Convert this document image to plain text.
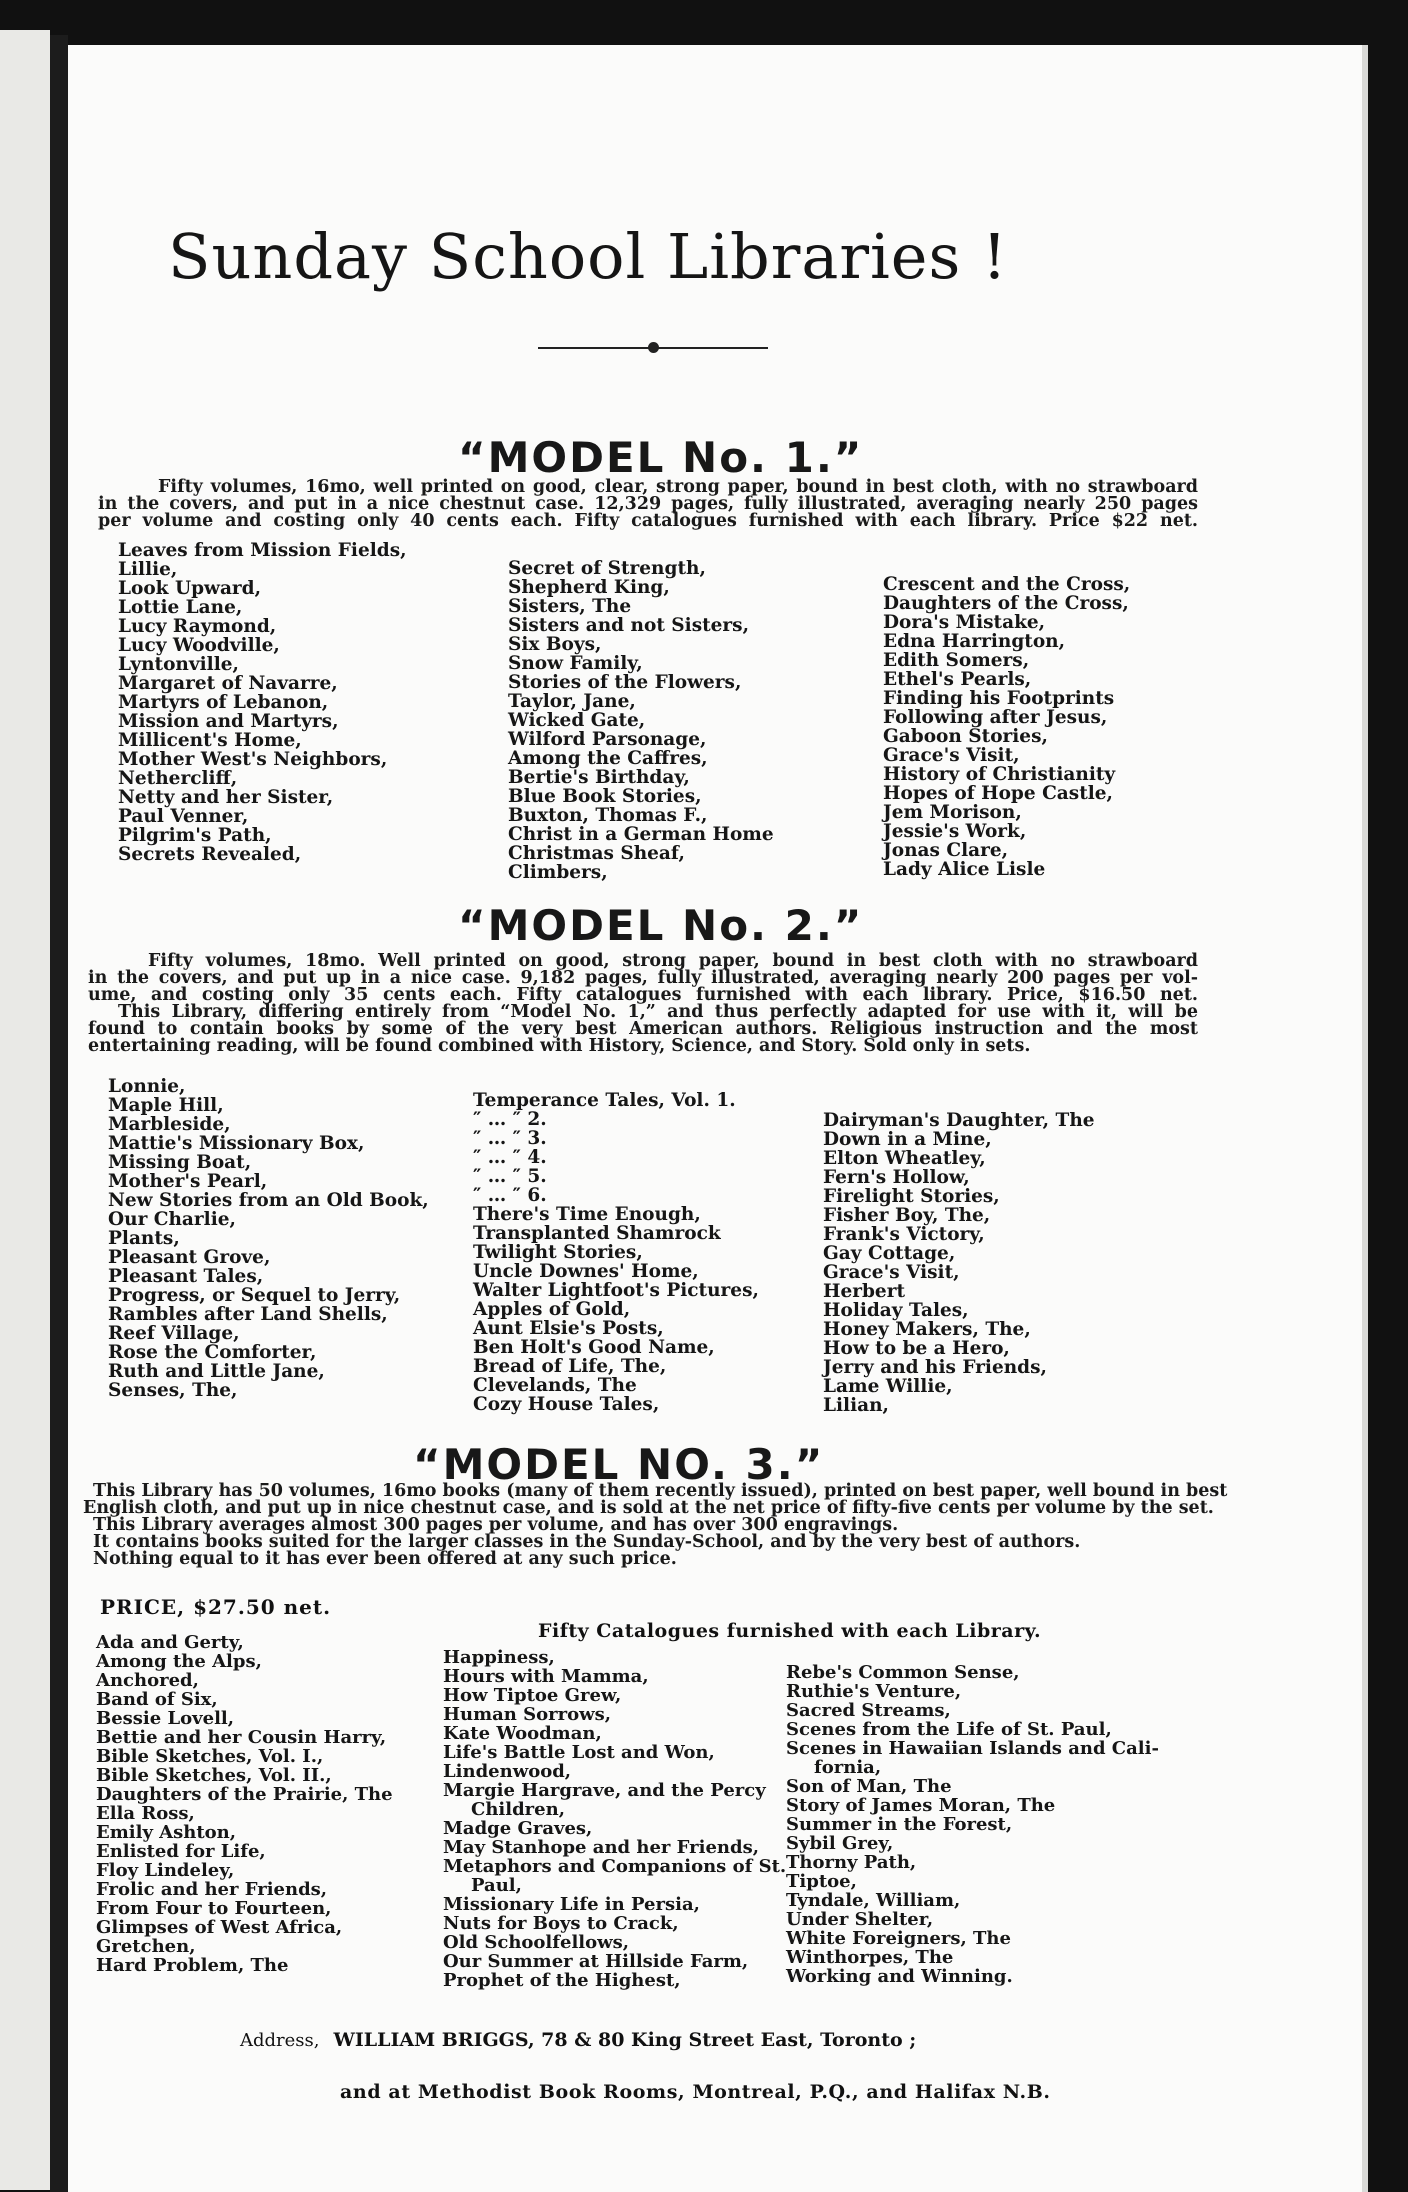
Sunday School Libraries !
“MODEL No. 1.”
Fifty volumes, 16mo, well printed on good, clear, strong paper, bound in best cloth, with no strawboard
in the covers, and put in a nice chestnut case. 12,329 pages, fully illustrated, averaging nearly 250 pages
per volume and costing only 40 cents each. Fifty catalogues furnished with each library. Price $22 net.
Leaves from Mission Fields,
Lillie,
Look Upward,
Lottie Lane,
Lucy Raymond,
Lucy Woodville,
Lyntonville,
Margaret of Navarre,
Martyrs of Lebanon,
Mission and Martyrs,
Millicent's Home,
Mother West's Neighbors,
Nethercliff,
Netty and her Sister,
Paul Venner,
Pilgrim's Path,
Secrets Revealed,
Secret of Strength,
Shepherd King,
Sisters, The
Sisters and not Sisters,
Six Boys,
Snow Family,
Stories of the Flowers,
Taylor, Jane,
Wicked Gate,
Wilford Parsonage,
Among the Caffres,
Bertie's Birthday,
Blue Book Stories,
Buxton, Thomas F.,
Christ in a German Home
Christmas Sheaf,
Climbers,
Crescent and the Cross,
Daughters of the Cross,
Dora's Mistake,
Edna Harrington,
Edith Somers,
Ethel's Pearls,
Finding his Footprints
Following after Jesus,
Gaboon Stories,
Grace's Visit,
History of Christianity
Hopes of Hope Castle,
Jem Morison,
Jessie's Work,
Jonas Clare,
Lady Alice Lisle
“MODEL No. 2.”
Fifty volumes, 18mo. Well printed on good, strong paper, bound in best cloth with no strawboard
in the covers, and put up in a nice case. 9,182 pages, fully illustrated, averaging nearly 200 pages per vol-
ume, and costing only 35 cents each. Fifty catalogues furnished with each library. Price, $16.50 net.
This Library, differing entirely from “Model No. 1,” and thus perfectly adapted for use with it, will be
found to contain books by some of the very best American authors. Religious instruction and the most
entertaining reading, will be found combined with History, Science, and Story. Sold only in sets.
Lonnie,
Maple Hill,
Marbleside,
Mattie's Missionary Box,
Missing Boat,
Mother's Pearl,
New Stories from an Old Book,
Our Charlie,
Plants,
Pleasant Grove,
Pleasant Tales,
Progress, or Sequel to Jerry,
Rambles after Land Shells,
Reef Village,
Rose the Comforter,
Ruth and Little Jane,
Senses, The,
Temperance Tales, Vol. 1.
″ … ″ 2.
″ … ″ 3.
″ … ″ 4.
″ … ″ 5.
″ … ″ 6.
There's Time Enough,
Transplanted Shamrock
Twilight Stories,
Uncle Downes' Home,
Walter Lightfoot's Pictures,
Apples of Gold,
Aunt Elsie's Posts,
Ben Holt's Good Name,
Bread of Life, The,
Clevelands, The
Cozy House Tales,
Dairyman's Daughter, The
Down in a Mine,
Elton Wheatley,
Fern's Hollow,
Firelight Stories,
Fisher Boy, The,
Frank's Victory,
Gay Cottage,
Grace's Visit,
Herbert
Holiday Tales,
Honey Makers, The,
How to be a Hero,
Jerry and his Friends,
Lame Willie,
Lilian,
“MODEL NO. 3.”
This Library has 50 volumes, 16mo books (many of them recently issued), printed on best paper, well bound in best
English cloth, and put up in nice chestnut case, and is sold at the net price of fifty-five cents per volume by the set.
This Library averages almost 300 pages per volume, and has over 300 engravings.
It contains books suited for the larger classes in the Sunday-School, and by the very best of authors.
Nothing equal to it has ever been offered at any such price.
PRICE, $27.50 net.
Fifty Catalogues furnished with each Library.
Ada and Gerty,
Among the Alps,
Anchored,
Band of Six,
Bessie Lovell,
Bettie and her Cousin Harry,
Bible Sketches, Vol. I.,
Bible Sketches, Vol. II.,
Daughters of the Prairie, The
Ella Ross,
Emily Ashton,
Enlisted for Life,
Floy Lindeley,
Frolic and her Friends,
From Four to Fourteen,
Glimpses of West Africa,
Gretchen,
Hard Problem, The
Happiness,
Hours with Mamma,
How Tiptoe Grew,
Human Sorrows,
Kate Woodman,
Life's Battle Lost and Won,
Lindenwood,
Margie Hargrave, and the Percy
Children,
Madge Graves,
May Stanhope and her Friends,
Metaphors and Companions of St.
Paul,
Missionary Life in Persia,
Nuts for Boys to Crack,
Old Schoolfellows,
Our Summer at Hillside Farm,
Prophet of the Highest,
Rebe's Common Sense,
Ruthie's Venture,
Sacred Streams,
Scenes from the Life of St. Paul,
Scenes in Hawaiian Islands and Cali-
fornia,
Son of Man, The
Story of James Moran, The
Summer in the Forest,
Sybil Grey,
Thorny Path,
Tiptoe,
Tyndale, William,
Under Shelter,
White Foreigners, The
Winthorpes, The
Working and Winning.
Address, WILLIAM BRIGGS, 78 & 80 King Street East, Toronto ;
and at Methodist Book Rooms, Montreal, P.Q., and Halifax N.B.
